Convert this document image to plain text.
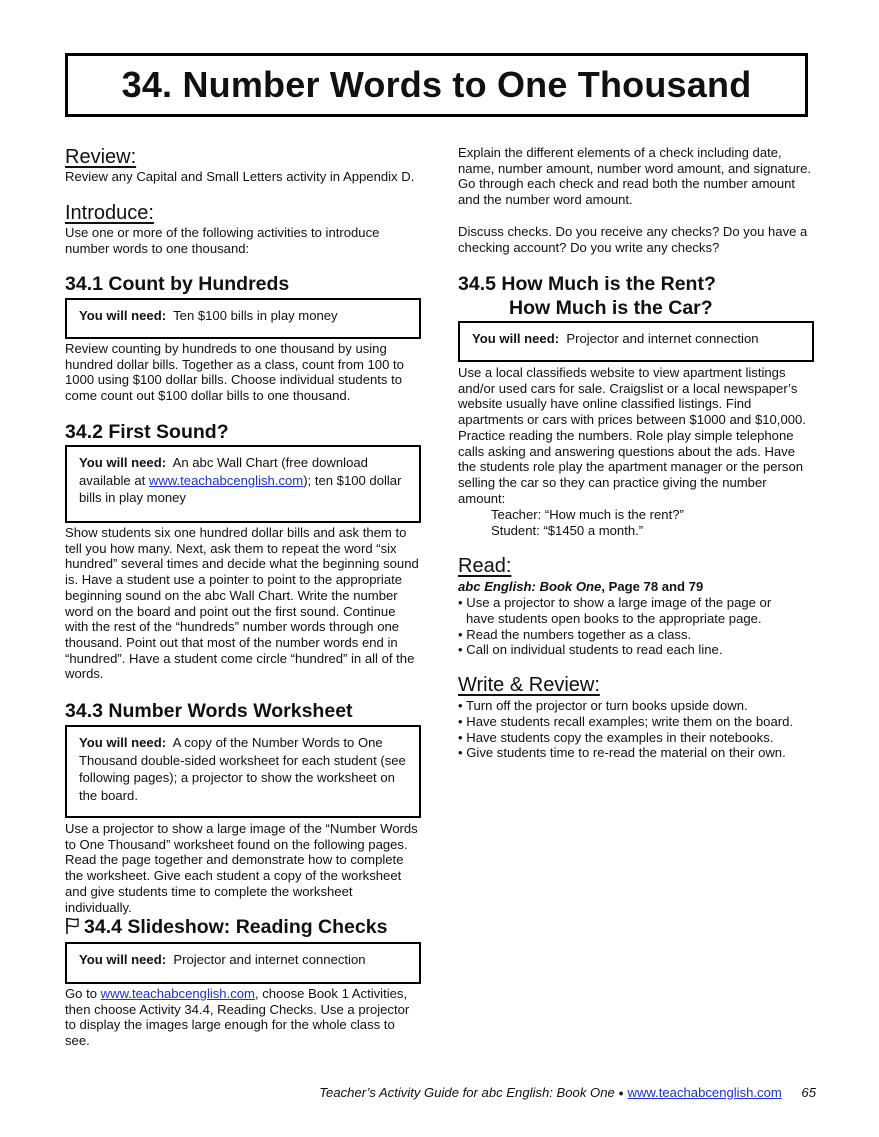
34. Number Words to One Thousand
Review:

Review any Capital and Small Letters activity in Appendix D.

Introduce:

Use one or more of the following activities to introduce number words to one thousand:

34.1 Count by Hundreds
You will need: Ten $100 bills in play money

Review counting by hundreds to one thousand by using hundred dollar bills. Together as a class, count from 100 to 1000 using $100 dollar bills. Choose individual students to come count out $100 dollar bills to one thousand.

34.2 First Sound?
You will need: An abc Wall Chart (free download available at www.teachabcenglish.com); ten $100 dollar bills in play money

Show students six one hundred dollar bills and ask them to tell you how many. Next, ask them to repeat the word “six hundred” several times and decide what the beginning sound is. Have a student use a pointer to point to the appropriate beginning sound on the abc Wall Chart. Write the number word on the board and point out the first sound. Continue with the rest of the “hundreds” number words through one thousand. Point out that most of the number words end in “hundred”. Have a student come circle “hundred” in all of the words.

34.3 Number Words Worksheet
You will need: A copy of the Number Words to One Thousand double-sided worksheet for each student (see following pages); a projector to show the worksheet on the board.

Use a projector to show a large image of the “Number Words to One Thousand” worksheet found on the following pages. Read the page together and demonstrate how to complete the worksheet. Give each student a copy of the worksheet and give students time to complete the worksheet individually.

34.4 Slideshow: Reading Checks
You will need: Projector and internet connection

Go to www.teachabcenglish.com, choose Book 1 Activities, then choose Activity 34.4, Reading Checks. Use a projector to display the images large enough for the whole class to see.

Explain the different elements of a check including date, name, number amount, number word amount, and signature. Go through each check and read both the number amount and the number word amount.

Discuss checks. Do you receive any checks? Do you have a checking account? Do you write any checks?

34.5 How Much is the Rent?
How Much is the Car?
You will need: Projector and internet connection

Use a local classifieds website to view apartment listings and/or used cars for sale. Craigslist or a local newspaper’s website usually have online classified listings. Find apartments or cars with prices between $1000 and $10,000. Practice reading the numbers. Role play simple telephone calls asking and answering questions about the ads. Have the students role play the apartment manager or the person selling the car so they can practice giving the number amount:

Teacher: “How much is the rent?”

Student: “$1450 a month.”

Read:

abc English: Book One, Page 78 and 79

• Use a projector to show a large image of the page or have students open books to the appropriate page.
• Read the numbers together as a class.
• Call on individual students to read each line.
Write & Review:
• Turn off the projector or turn books upside down.
• Have students recall examples; write them on the board.
• Have students copy the examples in their notebooks.
• Give students time to re-read the material on their own.
Teacher’s Activity Guide for abc English: Book One ● www.teachabcenglish.com 65
